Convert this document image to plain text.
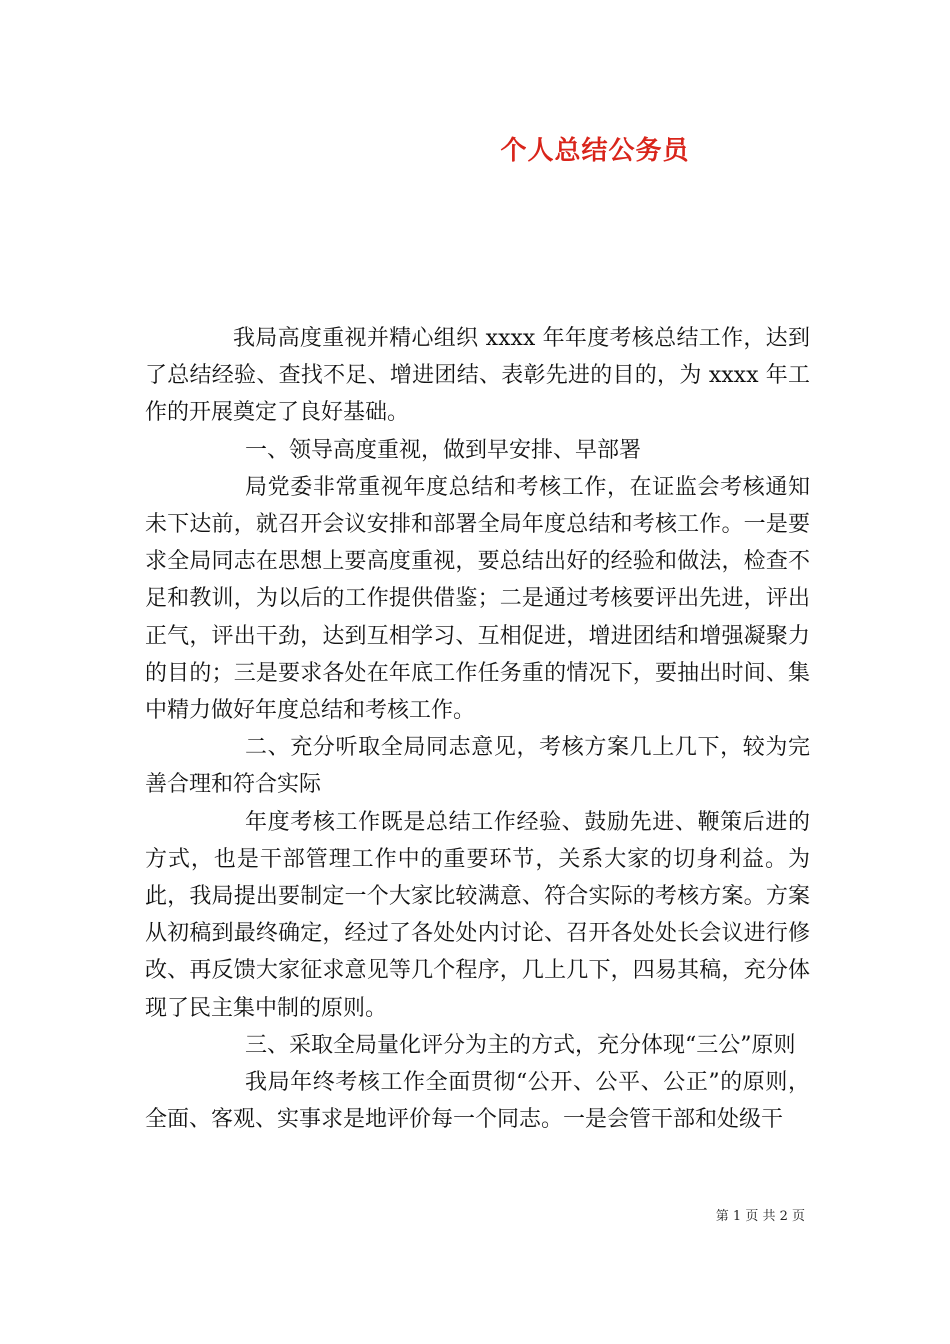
个人总结公务员

我局高度重视并精心组织 xxxx 年年度考核总结工作，达到了总结经验、查找不足、增进团结、表彰先进的目的，为 xxxx 年工作的开展奠定了良好基础。

一、领导高度重视，做到早安排、早部署

局党委非常重视年度总结和考核工作，在证监会考核通知未下达前，就召开会议安排和部署全局年度总结和考核工作。一是要求全局同志在思想上要高度重视，要总结出好的经验和做法，检查不足和教训，为以后的工作提供借鉴；二是通过考核要评出先进，评出正气，评出干劲，达到互相学习、互相促进，增进团结和增强凝聚力的目的；三是要求各处在年底工作任务重的情况下，要抽出时间、集中精力做好年度总结和考核工作。

二、充分听取全局同志意见，考核方案几上几下，较为完善合理和符合实际

年度考核工作既是总结工作经验、鼓励先进、鞭策后进的方式，也是干部管理工作中的重要环节，关系大家的切身利益。为此，我局提出要制定一个大家比较满意、符合实际的考核方案。方案从初稿到最终确定，经过了各处处内讨论、召开各处处长会议进行修改、再反馈大家征求意见等几个程序，几上几下，四易其稿，充分体现了民主集中制的原则。

三、采取全局量化评分为主的方式，充分体现“三公”原则

我局年终考核工作全面贯彻“公开、公平、公正”的原则，全面、客观、实事求是地评价每一个同志。一是会管干部和处级干

第 1 页 共 2 页
